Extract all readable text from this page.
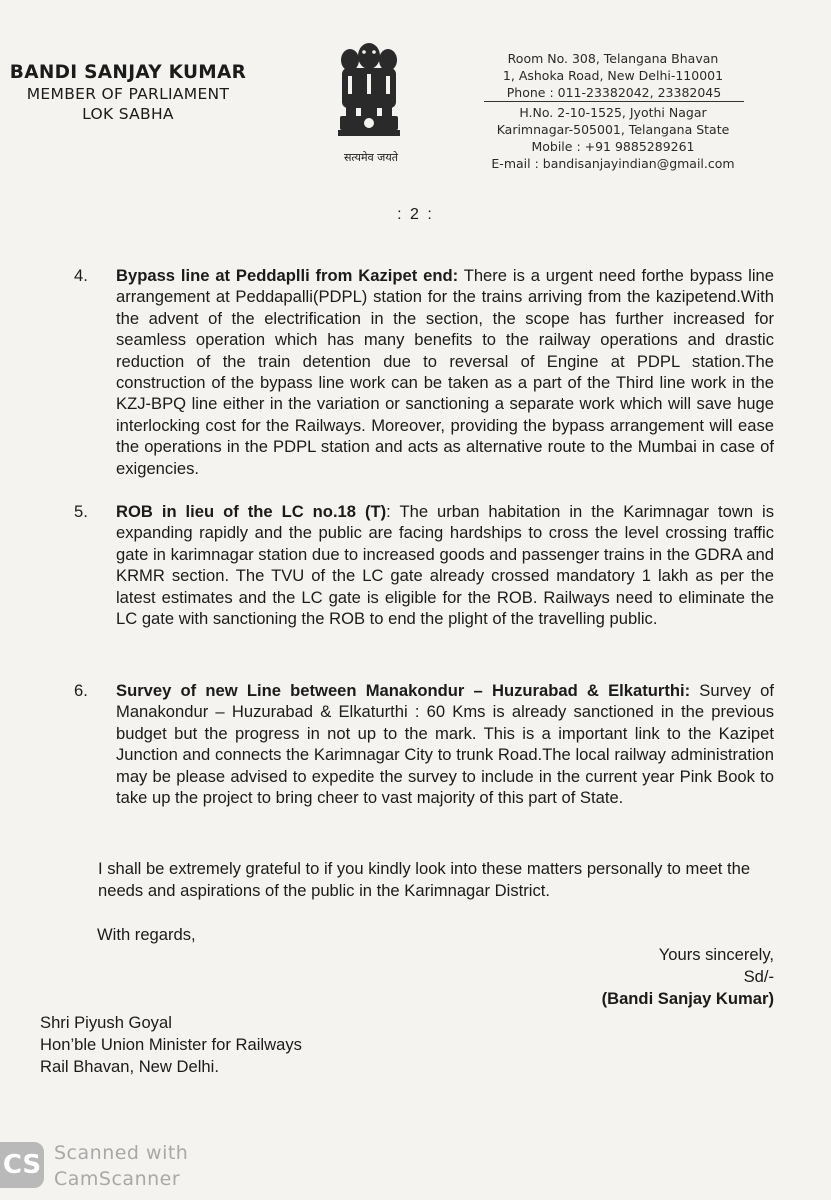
BANDI SANJAY KUMAR
MEMBER OF PARLIAMENT
LOK SABHA
सत्यमेव जयते
Room No. 308, Telangana Bhavan
1, Ashoka Road, New Delhi-110001
Phone : 011-23382042, 23382045
H.No. 2-10-1525, Jyothi Nagar
Karimnagar-505001, Telangana State
Mobile : +91 9885289261
E-mail : bandisanjayindian@gmail.com
: 2 :
4. Bypass line at Peddaplli from Kazipet end: There is a urgent need forthe bypass line arrangement at Peddapalli(PDPL) station for the trains arriving from the kazipetend.With the advent of the electrification in the section, the scope has further increased for seamless operation which has many benefits to the railway operations and drastic reduction of the train detention due to reversal of Engine at PDPL station.The construction of the bypass line work can be taken as a part of the Third line work in the KZJ-BPQ line either in the variation or sanctioning a separate work which will save huge interlocking cost for the Railways. Moreover, providing the bypass arrangement will ease the operations in the PDPL station and acts as alternative route to the Mumbai in case of exigencies.
5. ROB in lieu of the LC no.18 (T): The urban habitation in the Karimnagar town is expanding rapidly and the public are facing hardships to cross the level crossing traffic gate in karimnagar station due to increased goods and passenger trains in the GDRA and KRMR section. The TVU of the LC gate already crossed mandatory 1 lakh as per the latest estimates and the LC gate is eligible for the ROB. Railways need to eliminate the LC gate with sanctioning the ROB to end the plight of the travelling public.
6. Survey of new Line between Manakondur – Huzurabad & Elkaturthi: Survey of Manakondur – Huzurabad & Elkaturthi : 60 Kms is already sanctioned in the previous budget but the progress in not up to the mark. This is a important link to the Kazipet Junction and connects the Karimnagar City to trunk Road.The local railway administration may be please advised to expedite the survey to include in the current year Pink Book to take up the project to bring cheer to vast majority of this part of State.
I shall be extremely grateful to if you kindly look into these matters personally to meet the needs and aspirations of the public in the Karimnagar District.
With regards,
Yours sincerely,
Sd/-
(Bandi Sanjay Kumar)
Shri Piyush Goyal
Hon’ble Union Minister for Railways
Rail Bhavan, New Delhi.
CS Scanned with
CamScanner
